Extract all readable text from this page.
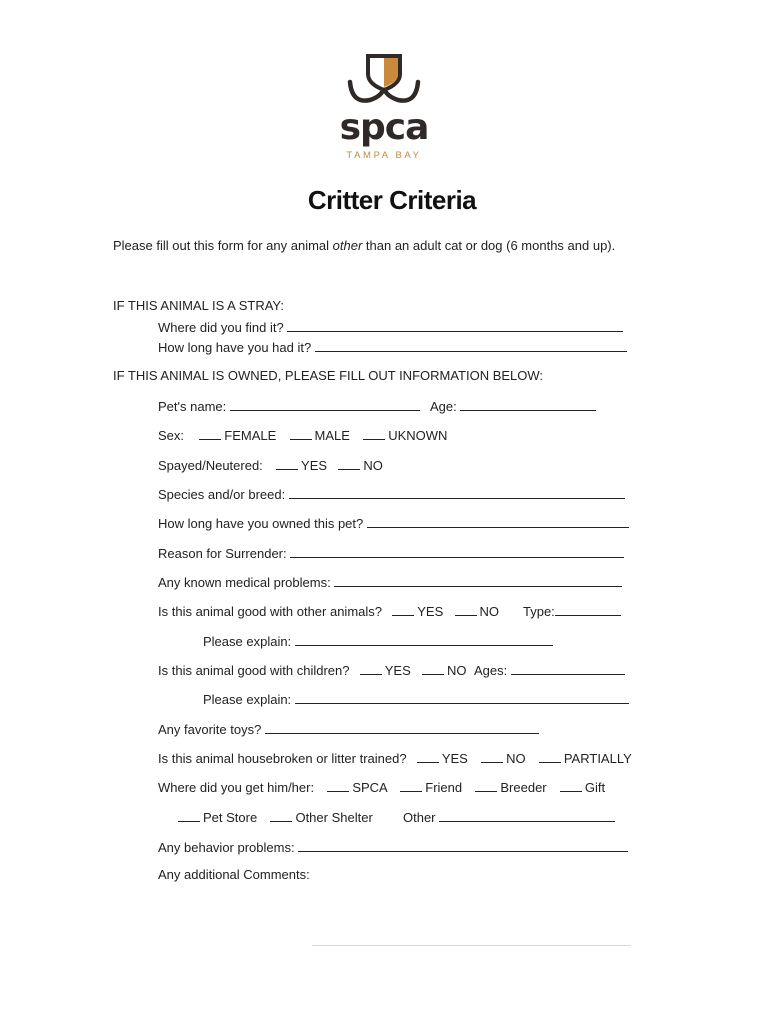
spca
TAMPA BAY
Critter Criteria
Please fill out this form for any animal other than an adult cat or dog (6 months and up).
IF THIS ANIMAL IS A STRAY:
Where did you find it?
How long have you had it?
IF THIS ANIMAL IS OWNED, PLEASE FILL OUT INFORMATION BELOW:
Pet's name:	Age:
Sex:	FEMALE	MALE	UKNOWN
Spayed/Neutered:	YES	NO
Species and/or breed:
How long have you owned this pet?
Reason for Surrender:
Any known medical problems:
Is this animal good with other animals?	YES	NO Type:
Please explain:
Is this animal good with children?	YES	NO Ages:
Please explain:
Any favorite toys?
Is this animal housebroken or litter trained?	YES	NO	PARTIALLY
Where did you get him/her:	SPCA	Friend	Breeder	Gift
Pet Store	Other Shelter Other
Any behavior problems:
Any additional Comments:
